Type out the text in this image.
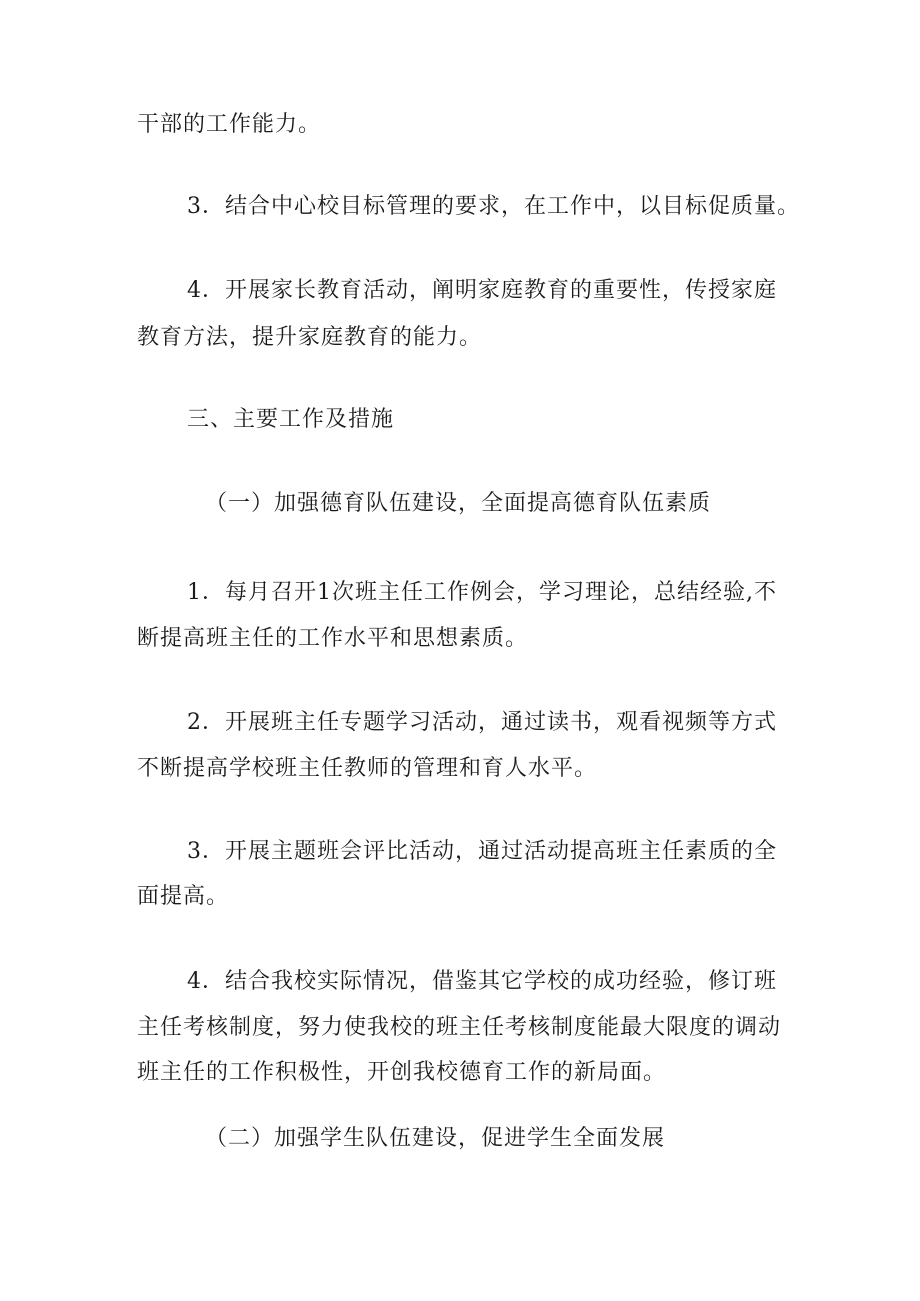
干部的工作能力。
3．结合中心校目标管理的要求，在工作中，以目标促质量。
4．开展家长教育活动，阐明家庭教育的重要性，传授家庭
教育方法，提升家庭教育的能力。
三、主要工作及措施
（一）加强德育队伍建设，全面提高德育队伍素质
1．每月召开1次班主任工作例会，学习理论，总结经验,不
断提高班主任的工作水平和思想素质。
2．开展班主任专题学习活动，通过读书，观看视频等方式
不断提高学校班主任教师的管理和育人水平。
3．开展主题班会评比活动，通过活动提高班主任素质的全
面提高。
4．结合我校实际情况，借鉴其它学校的成功经验，修订班
主任考核制度，努力使我校的班主任考核制度能最大限度的调动
班主任的工作积极性，开创我校德育工作的新局面。
（二）加强学生队伍建设，促进学生全面发展
